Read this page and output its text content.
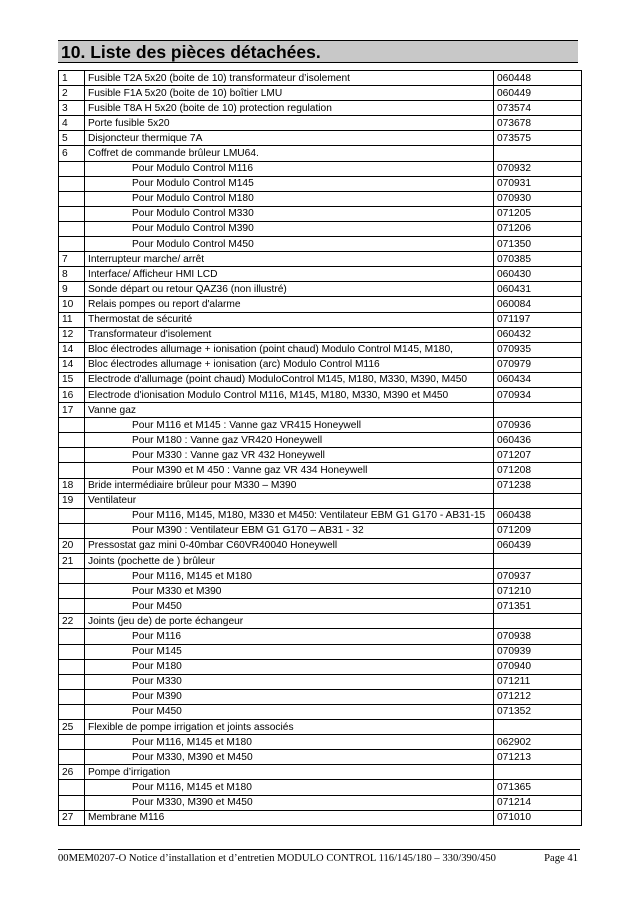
10. Liste des pièces détachées.
1	Fusible T2A 5x20 (boite de 10) transformateur d’isolement	060448
2	Fusible F1A 5x20 (boite de 10) boîtier LMU	060449
3	Fusible T8A H 5x20 (boite de 10) protection regulation	073574
4	Porte fusible 5x20	073678
5	Disjoncteur thermique 7A	073575
6	Coffret de commande brûleur LMU64.	
	Pour Modulo Control M116	070932
	Pour Modulo Control M145	070931
	Pour Modulo Control M180	070930
	Pour Modulo Control M330	071205
	Pour Modulo Control M390	071206
	Pour Modulo Control M450	071350
7	Interrupteur marche/ arrêt	070385
8	Interface/ Afficheur HMI LCD	060430
9	Sonde départ ou retour QAZ36 (non illustré)	060431
10	Relais pompes ou report d'alarme	060084
11	Thermostat de sécurité	071197
12	Transformateur d'isolement	060432
14	Bloc électrodes allumage + ionisation (point chaud) Modulo Control M145, M180,	070935
14	Bloc électrodes allumage + ionisation (arc) Modulo Control M116	070979
15	Electrode d'allumage (point chaud) ModuloControl M145, M180, M330, M390, M450	060434
16	Electrode d'ionisation Modulo Control M116, M145, M180, M330, M390 et M450	070934
17	Vanne gaz	
	Pour M116 et M145 : Vanne gaz VR415 Honeywell	070936
	Pour M180 : Vanne gaz VR420 Honeywell	060436
	Pour M330 : Vanne gaz VR 432 Honeywell	071207
	Pour M390 et M 450 : Vanne gaz VR 434 Honeywell	071208
18	Bride intermédiaire brûleur pour M330 – M390	071238
19	Ventilateur	
	Pour M116, M145, M180, M330 et M450: Ventilateur EBM G1 G170 - AB31-15	060438
	Pour M390 : Ventilateur EBM G1 G170 – AB31 - 32	071209
20	Pressostat gaz mini 0-40mbar C60VR40040 Honeywell	060439
21	Joints (pochette de ) brûleur	
	Pour M116, M145 et M180	070937
	Pour M330 et M390	071210
	Pour M450	071351
22	Joints (jeu de) de porte échangeur	
	Pour M116	070938
	Pour M145	070939
	Pour M180	070940
	Pour M330	071211
	Pour M390	071212
	Pour M450	071352
25	Flexible de pompe irrigation et joints associés	
	Pour M116, M145 et M180	062902
	Pour M330, M390 et M450	071213
26	Pompe d’irrigation	
	Pour M116, M145 et M180	071365
	Pour M330, M390 et M450	071214
27	Membrane M116	071010
00MEM0207-O Notice d’installation et d’entretien MODULO CONTROL 116/145/180 – 330/390/450	Page 41
